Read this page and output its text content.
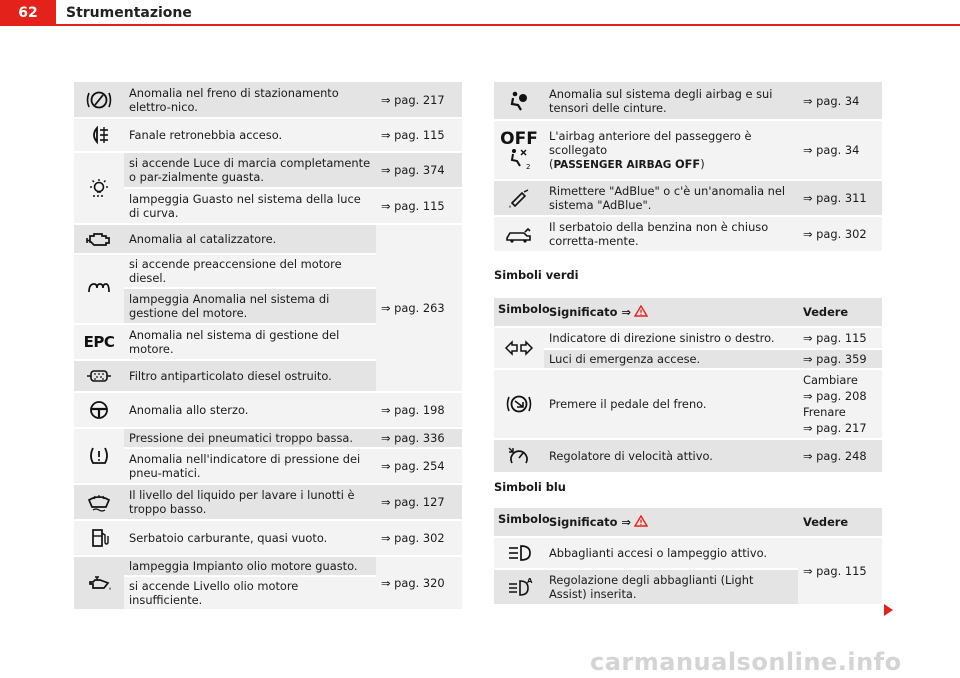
62	Strumentazione
	Anomalia nel freno di stazionamento elettro-nico.	⇒ pag. 217

	Fanale retronebbia acceso.	⇒ pag. 115

	si accende Luce di marcia completamente o par-zialmente guasta.	⇒ pag. 374
	lampeggia Guasto nel sistema della luce di curva.	⇒ pag. 115

	Anomalia al catalizzatore.	⇒ pag. 263

	si accende preaccensione del motore diesel.	
	lampeggia Anomalia nel sistema di gestione del motore.	
EPC	Anomalia nel sistema di gestione del motore.	

	Filtro antiparticolato diesel ostruito.	

	Anomalia allo sterzo.	⇒ pag. 198

	Pressione dei pneumatici troppo bassa.	⇒ pag. 336
	Anomalia nell'indicatore di pressione dei pneu-matici.	⇒ pag. 254

	Il livello del liquido per lavare i lunotti è troppo basso.	⇒ pag. 127

	Serbatoio carburante, quasi vuoto.	⇒ pag. 302

	lampeggia Impianto olio motore guasto.	⇒ pag. 320
	si accende Livello olio motore insufficiente.	
	Anomalia sul sistema degli airbag e sui tensori delle cinture.	⇒ pag. 34

OFF
2	L'airbag anteriore del passeggero è scollegato
(PASSENGER AIRBAG OFF)	⇒ pag. 34

	Rimettere "AdBlue" o c'è un'anomalia nel sistema "AdBlue".	⇒ pag. 311

	Il serbatoio della benzina non è chiuso corretta-mente.	⇒ pag. 302
Simboli verdi
Simbolo	Significato ⇒	Vedere

	Indicatore di direzione sinistro o destro.	⇒ pag. 115
	Luci di emergenza accese.	⇒ pag. 359

	Premere il pedale del freno.	Cambiare
⇒ pag. 208
Frenare
⇒ pag. 217

	Regolatore di velocità attivo.	⇒ pag. 248
Simboli blu
Simbolo	Significato ⇒	Vedere

	Abbaglianti accesi o lampeggio attivo.	⇒ pag. 115

A	Regolazione degli abbaglianti (Light Assist) inserita.	
carmanualsonline.info
